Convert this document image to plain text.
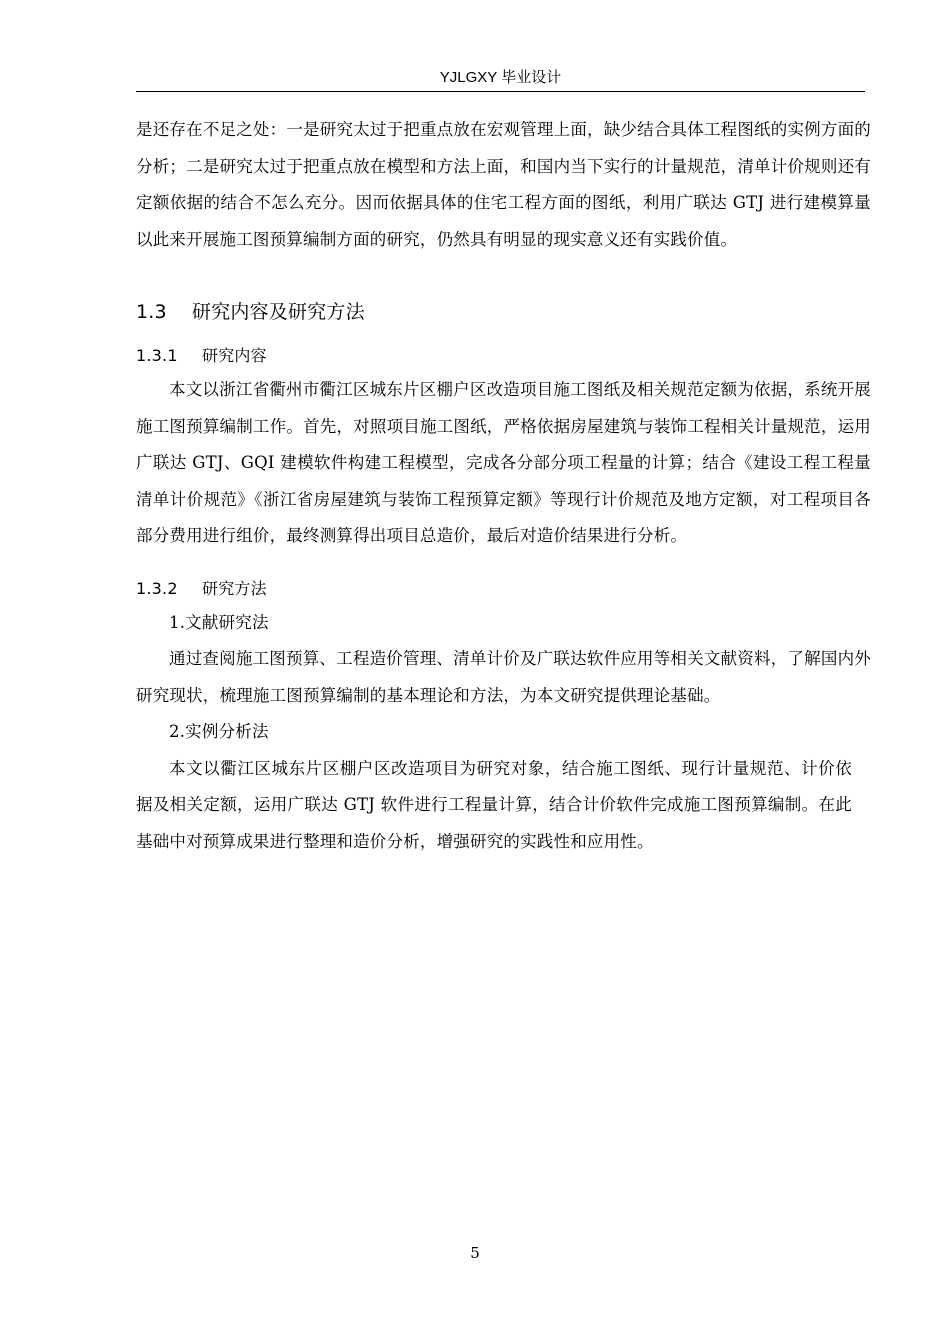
YJLGXY 毕业设计

是还存在不足之处：一是研究太过于把重点放在宏观管理上面，缺少结合具体工程图纸的实例方面的分析；二是研究太过于把重点放在模型和方法上面，和国内当下实行的计量规范，清单计价规则还有定额依据的结合不怎么充分。因而依据具体的住宅工程方面的图纸，利用广联达 GTJ 进行建模算量以此来开展施工图预算编制方面的研究，仍然具有明显的现实意义还有实践价值。

1.3 研究内容及研究方法

1.3.1 研究内容

本文以浙江省衢州市衢江区城东片区棚户区改造项目施工图纸及相关规范定额为依据，系统开展施工图预算编制工作。首先，对照项目施工图纸，严格依据房屋建筑与装饰工程相关计量规范，运用广联达 GTJ、GQI 建模软件构建工程模型，完成各分部分项工程量的计算；结合《建设工程工程量清单计价规范》《浙江省房屋建筑与装饰工程预算定额》等现行计价规范及地方定额，对工程项目各部分费用进行组价，最终测算得出项目总造价，最后对造价结果进行分析。

1.3.2 研究方法

1.文献研究法

通过查阅施工图预算、工程造价管理、清单计价及广联达软件应用等相关文献资料，了解国内外研究现状，梳理施工图预算编制的基本理论和方法，为本文研究提供理论基础。

2.实例分析法

本文以衢江区城东片区棚户区改造项目为研究对象，结合施工图纸、现行计量规范、计价依据及相关定额，运用广联达 GTJ 软件进行工程量计算，结合计价软件完成施工图预算编制。在此基础中对预算成果进行整理和造价分析，增强研究的实践性和应用性。

5
